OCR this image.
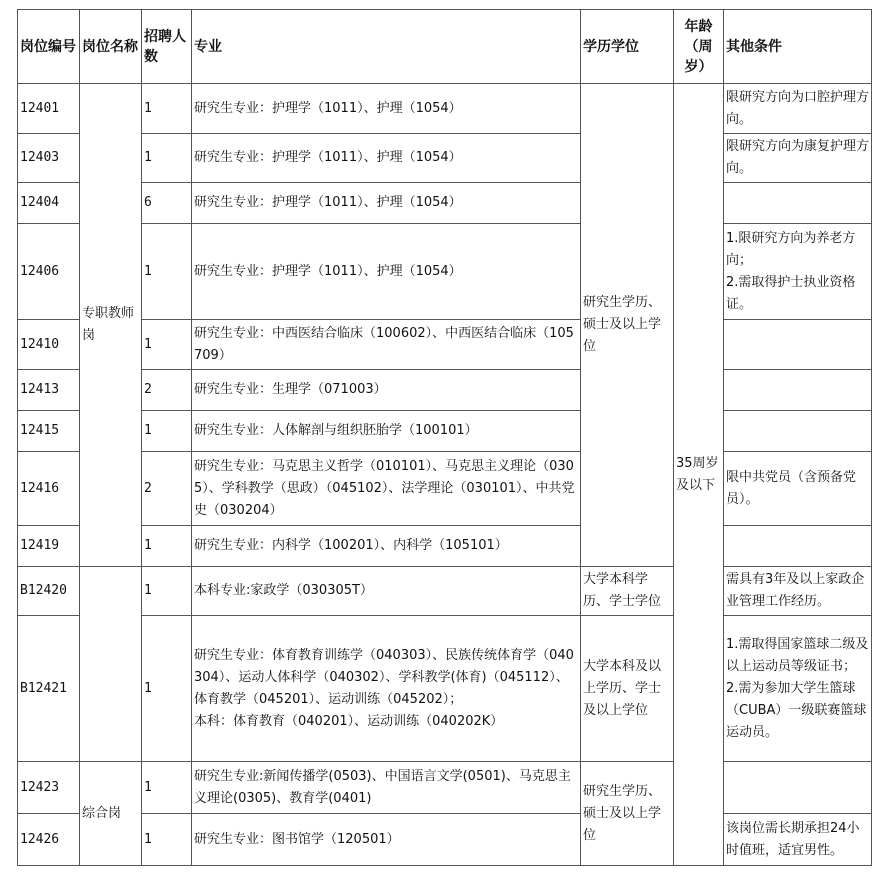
岗位编号	岗位名称	招聘人数	专业	学历学位	年龄（周岁）	其他条件
12401	专职教师岗	1	研究生专业：护理学（1011）、护理（1054）	研究生学历、硕士及以上学位	35周岁及以下	限研究方向为口腔护理方向。
12403		1	研究生专业：护理学（1011）、护理（1054）			限研究方向为康复护理方向。
12404		6	研究生专业：护理学（1011）、护理（1054）			
12406		1	研究生专业：护理学（1011）、护理（1054）			1.限研究方向为养老方向；
2.需取得护士执业资格证。
12410		1	研究生专业：中西医结合临床（100602）、中西医结合临床（105709）			
12413		2	研究生专业：生理学（071003）			
12415		1	研究生专业：人体解剖与组织胚胎学（100101）			
12416		2	研究生专业：马克思主义哲学（010101）、马克思主义理论（0305）、学科教学（思政）（045102）、法学理论（030101）、中共党史（030204）			限中共党员（含预备党员）。
12419		1	研究生专业：内科学（100201）、内科学（105101）			
B12420		1	本科专业:家政学（030305T）	大学本科学历、学士学位		需具有3年及以上家政企业管理工作经历。
B12421		1	研究生专业：体育教育训练学（040303）、民族传统体育学（040304）、运动人体科学（040302）、学科教学(体育)（045112）、体育教学（045201）、运动训练（045202）；
本科：体育教育（040201）、运动训练（040202K）	大学本科及以上学历、学士及以上学位		1.需取得国家篮球二级及以上运动员等级证书；
2.需为参加大学生篮球（CUBA）一级联赛篮球运动员。
12423	综合岗	1	研究生专业:新闻传播学(0503)、中国语言文学(0501)、马克思主义理论(0305)、教育学(0401)	研究生学历、硕士及以上学位		
12426		1	研究生专业：图书馆学（120501）			该岗位需长期承担24小时值班，适宜男性。
